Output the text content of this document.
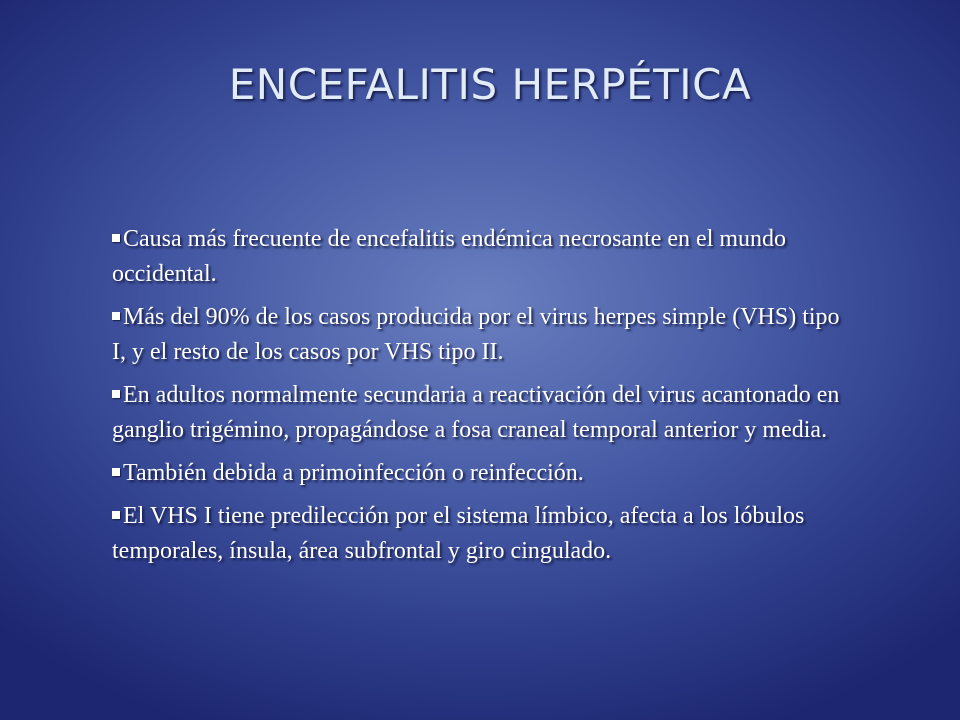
ENCEFALITIS HERPÉTICA
Causa más frecuente de encefalitis endémica necrosante en el mundo occidental.
Más del 90% de los casos producida por el virus herpes simple (VHS) tipo I, y el resto de los casos por VHS tipo II.
En adultos normalmente secundaria a reactivación del virus acantonado en ganglio trigémino, propagándose a fosa craneal temporal anterior y media.
También debida a primoinfección o reinfección.
El VHS I tiene predilección por el sistema límbico, afecta a los lóbulos temporales, ínsula, área subfrontal y giro cingulado.
